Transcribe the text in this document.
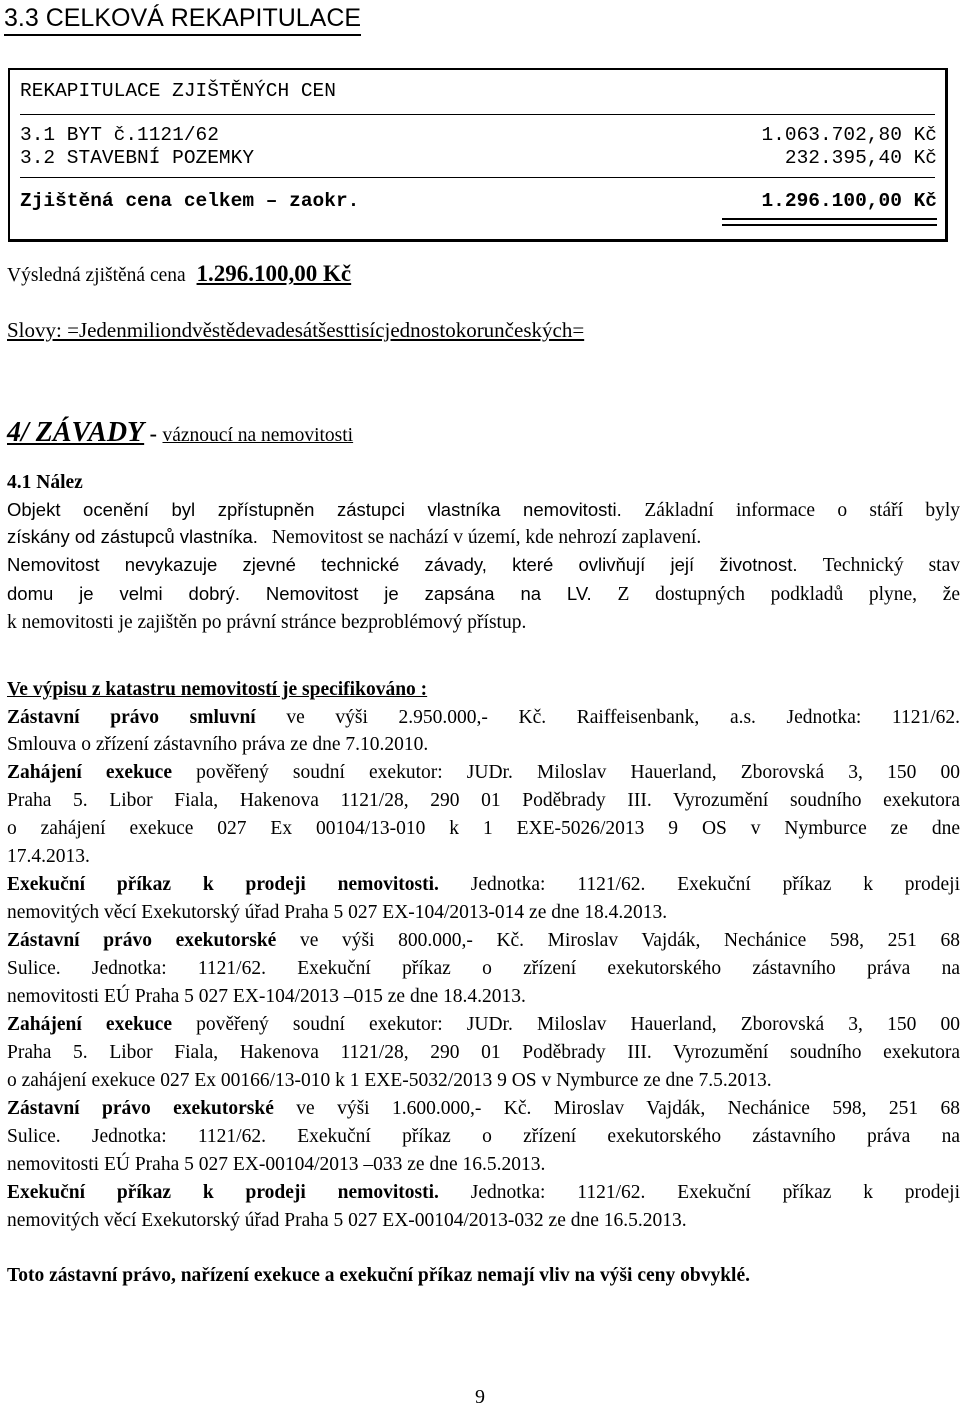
3.3 CELKOVÁ REKAPITULACE
REKAPITULACE ZJIŠTĚNÝCH CEN
3.1 BYT č.1121/62	1.063.702,80 Kč
3.2 STAVEBNÍ POZEMKY	232.395,40 Kč
Zjištěná cena celkem – zaokr.	1.296.100,00 Kč
Výsledná zjištěná cena 1.296.100,00 Kč
Slovy: =Jedenmiliondvěstědevadesátšesttisícjednostokorunčeských=
4/ ZÁVADY - váznoucí na nemovitosti
4.1 Nález
Objekt ocenění byl zpřístupněn zástupci vlastníka nemovitosti. Základní informace o stáří byly
získány od zástupců vlastníka. Nemovitost se nachází v území, kde nehrozí zaplavení.
Nemovitost nevykazuje zjevné technické závady, které ovlivňují její životnost. Technický stav
domu je velmi dobrý. Nemovitost je zapsána na LV. Z dostupných podkladů plyne, že
k nemovitosti je zajištěn po právní stránce bezproblémový přístup.
Ve výpisu z katastru nemovitostí je specifikováno :
Zástavní právo smluvní ve výši 2.950.000,- Kč. Raiffeisenbank, a.s. Jednotka: 1121/62.
Smlouva o zřízení zástavního práva ze dne 7.10.2010.
Zahájení exekuce pověřený soudní exekutor: JUDr. Miloslav Hauerland, Zborovská 3, 150 00
Praha 5. Libor Fiala, Hakenova 1121/28, 290 01 Poděbrady III. Vyrozumění soudního exekutora
o zahájení exekuce 027 Ex 00104/13-010 k 1 EXE-5026/2013 9 OS v Nymburce ze dne
17.4.2013.
Exekuční příkaz k prodeji nemovitosti. Jednotka: 1121/62. Exekuční příkaz k prodeji
nemovitých věcí Exekutorský úřad Praha 5 027 EX-104/2013-014 ze dne 18.4.2013.
Zástavní právo exekutorské ve výši 800.000,- Kč. Miroslav Vajdák, Nechánice 598, 251 68
Sulice. Jednotka: 1121/62. Exekuční příkaz o zřízení exekutorského zástavního práva na
nemovitosti EÚ Praha 5 027 EX-104/2013 –015 ze dne 18.4.2013.
Zahájení exekuce pověřený soudní exekutor: JUDr. Miloslav Hauerland, Zborovská 3, 150 00
Praha 5. Libor Fiala, Hakenova 1121/28, 290 01 Poděbrady III. Vyrozumění soudního exekutora
o zahájení exekuce 027 Ex 00166/13-010 k 1 EXE-5032/2013 9 OS v Nymburce ze dne 7.5.2013.
Zástavní právo exekutorské ve výši 1.600.000,- Kč. Miroslav Vajdák, Nechánice 598, 251 68
Sulice. Jednotka: 1121/62. Exekuční příkaz o zřízení exekutorského zástavního práva na
nemovitosti EÚ Praha 5 027 EX-00104/2013 –033 ze dne 16.5.2013.
Exekuční příkaz k prodeji nemovitosti. Jednotka: 1121/62. Exekuční příkaz k prodeji
nemovitých věcí Exekutorský úřad Praha 5 027 EX-00104/2013-032 ze dne 16.5.2013.
Toto zástavní právo, nařízení exekuce a exekuční příkaz nemají vliv na výši ceny obvyklé.
9
